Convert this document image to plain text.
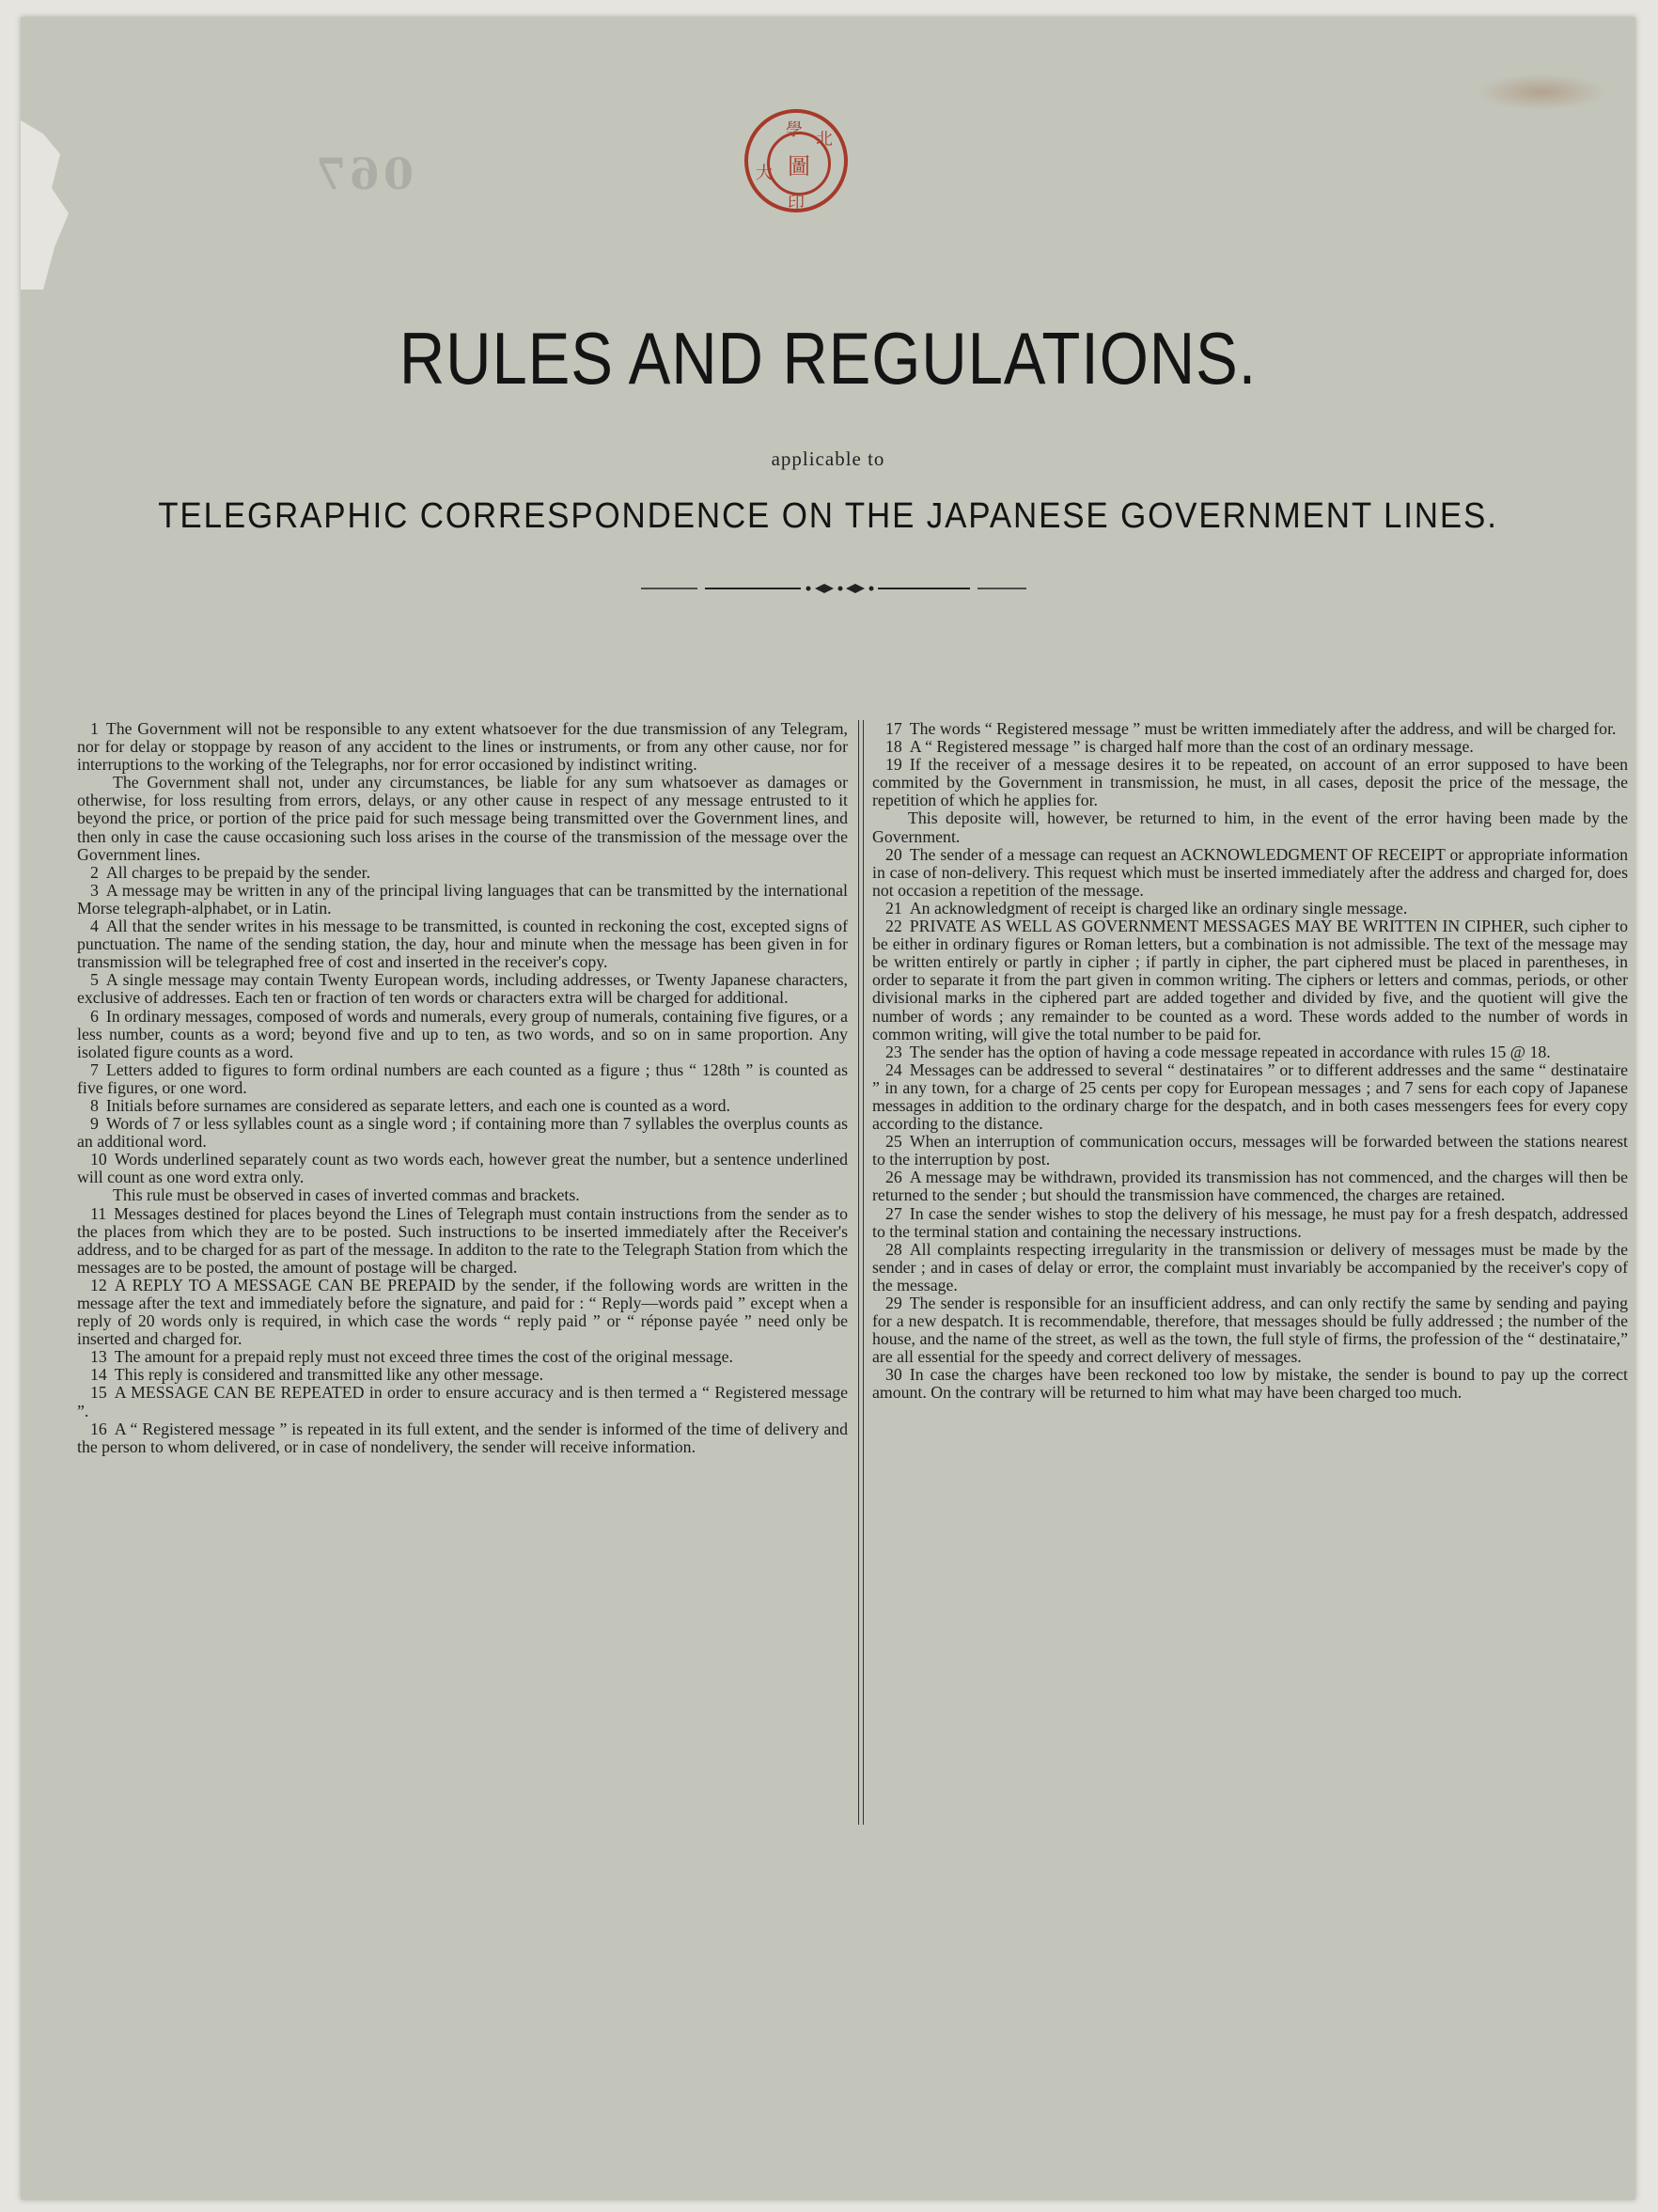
067
學 北
大
印
圖
RULES AND REGULATIONS.
applicable to
TELEGRAPHIC CORRESPONDENCE ON THE JAPANESE GOVERNMENT LINES.

1 The Government will not be responsible to any extent whatsoever for the due transmission of any Telegram, nor for delay or stoppage by reason of any accident to the lines or instruments, or from any other cause, nor for interruptions to the working of the Telegraphs, nor for error occasioned by indistinct writing.

The Government shall not, under any circumstances, be liable for any sum whatsoever as damages or otherwise, for loss resulting from errors, delays, or any other cause in respect of any message entrusted to it beyond the price, or portion of the price paid for such message being transmitted over the Government lines, and then only in case the cause occasioning such loss arises in the course of the transmission of the message over the Government lines.

2 All charges to be prepaid by the sender.

3 A message may be written in any of the principal living languages that can be transmitted by the international Morse telegraph-alphabet, or in Latin.

4 All that the sender writes in his message to be transmitted, is counted in reckoning the cost, excepted signs of punctuation. The name of the sending station, the day, hour and minute when the message has been given in for transmission will be telegraphed free of cost and inserted in the receiver's copy.

5 A single message may contain Twenty European words, including addresses, or Twenty Japanese characters, exclusive of addresses. Each ten or fraction of ten words or characters extra will be charged for additional.

6 In ordinary messages, composed of words and numerals, every group of numerals, containing five figures, or a less number, counts as a word; beyond five and up to ten, as two words, and so on in same proportion. Any isolated figure counts as a word.

7 Letters added to figures to form ordinal numbers are each counted as a figure ; thus “ 128th ” is counted as five figures, or one word.

8 Initials before surnames are considered as separate letters, and each one is counted as a word.

9 Words of 7 or less syllables count as a single word ; if containing more than 7 syllables the overplus counts as an additional word.

10 Words underlined separately count as two words each, however great the number, but a sentence underlined will count as one word extra only.

This rule must be observed in cases of inverted commas and brackets.

11 Messages destined for places beyond the Lines of Telegraph must contain instructions from the sender as to the places from which they are to be posted. Such instructions to be inserted immediately after the Receiver's address, and to be charged for as part of the message. In additon to the rate to the Telegraph Station from which the messages are to be posted, the amount of postage will be charged.

12 A REPLY TO A MESSAGE CAN BE PREPAID by the sender, if the following words are written in the message after the text and immediately before the signature, and paid for : “ Reply—words paid ” except when a reply of 20 words only is required, in which case the words “ reply paid ” or “ réponse payée ” need only be inserted and charged for.

13 The amount for a prepaid reply must not exceed three times the cost of the original message.

14 This reply is considered and transmitted like any other message.

15 A MESSAGE CAN BE REPEATED in order to ensure accuracy and is then termed a “ Registered message ”.

16 A “ Registered message ” is repeated in its full extent, and the sender is informed of the time of delivery and the person to whom delivered, or in case of nondelivery, the sender will receive information.

17 The words “ Registered message ” must be written immediately after the address, and will be charged for.

18 A “ Registered message ” is charged half more than the cost of an ordinary message.

19 If the receiver of a message desires it to be repeated, on account of an error supposed to have been commited by the Government in transmission, he must, in all cases, deposit the price of the message, the repetition of which he applies for.

This deposite will, however, be returned to him, in the event of the error having been made by the Government.

20 The sender of a message can request an ACKNOWLEDGMENT OF RECEIPT or appropriate information in case of non-delivery. This request which must be inserted immediately after the address and charged for, does not occasion a repetition of the message.

21 An acknowledgment of receipt is charged like an ordinary single message.

22 PRIVATE AS WELL AS GOVERNMENT MESSAGES MAY BE WRITTEN IN CIPHER, such cipher to be either in ordinary figures or Roman letters, but a combination is not admissible. The text of the message may be written entirely or partly in cipher ; if partly in cipher, the part ciphered must be placed in parentheses, in order to separate it from the part given in common writing. The ciphers or letters and commas, periods, or other divisional marks in the ciphered part are added together and divided by five, and the quotient will give the number of words ; any remainder to be counted as a word. These words added to the number of words in common writing, will give the total number to be paid for.

23 The sender has the option of having a code message repeated in accordance with rules 15 @ 18.

24 Messages can be addressed to several “ destinataires ” or to different addresses and the same “ destinataire ” in any town, for a charge of 25 cents per copy for European messages ; and 7 sens for each copy of Japanese messages in addition to the ordinary charge for the despatch, and in both cases messengers fees for every copy according to the distance.

25 When an interruption of communication occurs, messages will be forwarded between the stations nearest to the interruption by post.

26 A message may be withdrawn, provided its transmission has not commenced, and the charges will then be returned to the sender ; but should the transmission have commenced, the charges are retained.

27 In case the sender wishes to stop the delivery of his message, he must pay for a fresh despatch, addressed to the terminal station and containing the necessary instructions.

28 All complaints respecting irregularity in the transmission or delivery of messages must be made by the sender ; and in cases of delay or error, the complaint must invariably be accompanied by the receiver's copy of the message.

29 The sender is responsible for an insufficient address, and can only rectify the same by sending and paying for a new despatch. It is recommendable, therefore, that messages should be fully addressed ; the number of the house, and the name of the street, as well as the town, the full style of firms, the profession of the “ destinataire,” are all essential for the speedy and correct delivery of messages.

30 In case the charges have been reckoned too low by mistake, the sender is bound to pay up the correct amount. On the contrary will be returned to him what may have been charged too much.
